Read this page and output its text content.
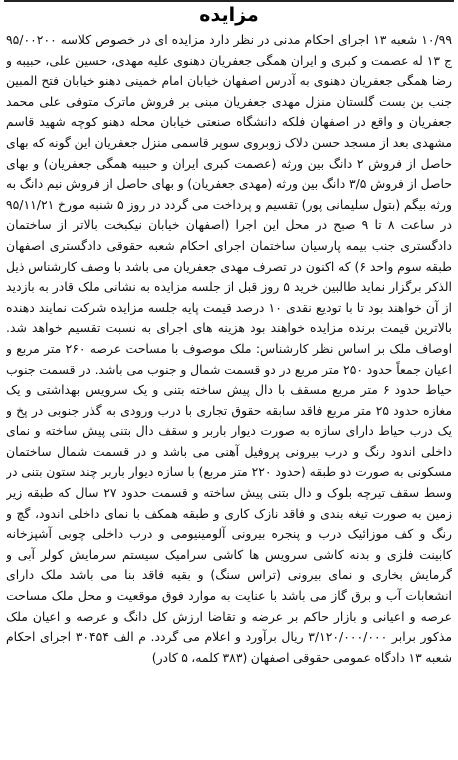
مزایده
۱۰/۹۹ شعبه ۱۳ اجرای احکام مدنی در نظر دارد مزایده ای در خصوص کلاسه ۹۵/۰۰۲۰۰ ج ۱۳ له عصمت و کبری و ایران همگی جعفریان دهنوی علیه مهدی، حسین علی، حبیبه و رضا همگی جعفریان دهنوی به آدرس اصفهان خیابان امام خمینی دهنو خیابان فتح المبین جنب بن بست گلستان منزل مهدی جعفریان مبنی بر فروش ماترک متوفی علی محمد جعفریان و واقع در اصفهان فلکه دانشگاه صنعتی خیابان محله دهنو کوچه شهید قاسم مشهدی بعد از مسجد حسن دلاک زوبروی سوپر قاسمی منزل جعفریان این گونه که بهای حاصل از فروش ۲ دانگ بین ورثه (عصمت کبری ایران و حبیبه همگی جعفریان) و بهای حاصل از فروش ۳/۵ دانگ بین ورثه (مهدی جعفریان) و بهای حاصل از فروش نیم دانگ به ورثه بیگم (بتول سلیمانی پور) تقسیم و پرداخت می گردد در روز ۵ شنبه مورخ ۹۵/۱۱/۲۱ در ساعت ۸ تا ۹ صبح در محل این اجرا (اصفهان خیابان نیکبخت بالاتر از ساختمان دادگستری جنب بیمه پارسیان ساختمان اجرای احکام شعبه حقوقی دادگستری اصفهان طبقه سوم واحد ۶) که اکنون در تصرف مهدی جعفریان می باشد با وصف کارشناس ذیل الذکر برگزار نماید طالبین خرید ۵ روز قبل از جلسه مزایده به نشانی ملک قادر به بازدید از آن خواهند بود تا با تودیع نقدی ۱۰ درصد قیمت پایه جلسه مزایده شرکت نمایند دهنده بالاترین قیمت برنده مزایده خواهند بود هزینه های اجرای به نسبت تقسیم خواهد شد. اوصاف ملک بر اساس نظر کارشناس: ملک موصوف با مساحت عرصه ۲۶۰ متر مربع و اعیان جمعاً حدود ۲۵۰ متر مربع در دو قسمت شمال و جنوب می باشد. در قسمت جنوب حیاط حدود ۶ متر مربع مسقف با دال پیش ساخته بتنی و یک سرویس بهداشتی و یک مغازه حدود ۲۵ متر مربع فاقد سابقه حقوق تجاری با درب ورودی به گذر جنوبی در پخ و یک درب حیاط دارای سازه به صورت دیوار باربر و سقف دال بتنی پیش ساخته و نمای داخلی اندود رنگ و درب بیرونی پروفیل آهنی می باشد و در قسمت شمال ساختمان مسکونی به صورت دو طبقه (حدود ۲۲۰ متر مربع) با سازه دیوار باربر چند ستون بتنی در وسط سقف تیرچه بلوک و دال بتنی پیش ساخته و قسمت حدود ۲۷ سال که طبقه زیر زمین به صورت تیغه بندی و فاقد نازک کاری و طبقه همکف با نمای داخلی اندود، گچ و رنگ و کف موزائیک درب و پنجره بیرونی آلومینیومی و درب داخلی چوبی آشپزخانه کابینت فلزی و بدنه کاشی سرویس ها کاشی سرامیک سیستم سرمایش کولر آبی و گرمایش بخاری و نمای بیرونی (تراس سنگ) و بقیه فاقد بنا می باشد ملک دارای انشعابات آب و برق گاز می باشد با عنایت به موارد فوق موقعیت و محل ملک مساحت عرصه و اعیانی و بازار حاکم بر عرضه و تقاضا ارزش کل دانگ و عرصه و اعیان ملک مذکور برابر ۳/۱۲۰/۰۰۰/۰۰۰ ریال برآورد و اعلام می گردد. م الف ۳۰۴۵۴ اجرای احکام شعبه ۱۳ دادگاه عمومی حقوقی اصفهان (۳۸۳ کلمه، ۵ کادر)
